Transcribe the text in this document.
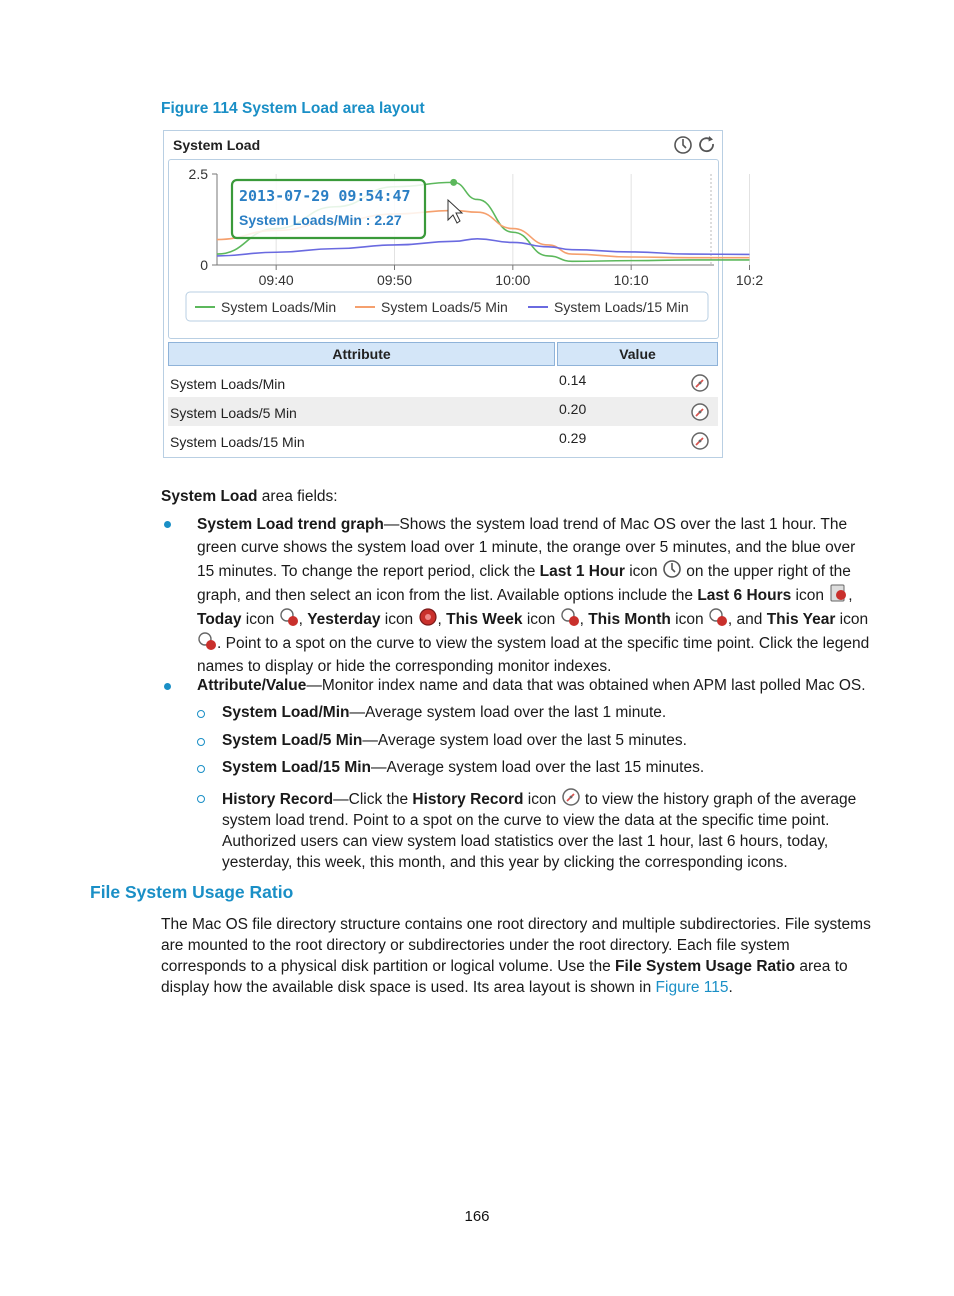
Figure 114 System Load area layout
System Load
2.5
0
09:40	09:50	10:00	10:10	10:2
2013-07-29 09:54:47
System Loads/Min : 2.27
System Loads/Min	System Loads/5 Min	System Loads/15 Min
Attribute	Value
System Loads/Min	0.14
System Loads/5 Min	0.20
System Loads/15 Min	0.29
System Load area fields:
System Load trend graph—Shows the system load trend of Mac OS over the last 1 hour. The green curve shows the system load over 1 minute, the orange over 5 minutes, and the blue over 15 minutes. To change the report period, click the Last 1 Hour icon  on the upper right of the graph, and then select an icon from the list. Available options include the Last 6 Hours icon , Today icon , Yesterday icon , This Week icon , This Month icon , and This Year icon . Point to a spot on the curve to view the system load at the specific time point. Click the legend names to display or hide the corresponding monitor indexes.
Attribute/Value—Monitor index name and data that was obtained when APM last polled Mac OS.
System Load/Min—Average system load over the last 1 minute.
System Load/5 Min—Average system load over the last 5 minutes.
System Load/15 Min—Average system load over the last 15 minutes.
History Record—Click the History Record icon  to view the history graph of the average system load trend. Point to a spot on the curve to view the data at the specific time point. Authorized users can view system load statistics over the last 1 hour, last 6 hours, today, yesterday, this week, this month, and this year by clicking the corresponding icons.
File System Usage Ratio
The Mac OS file directory structure contains one root directory and multiple subdirectories. File systems are mounted to the root directory or subdirectories under the root directory. Each file system corresponds to a physical disk partition or logical volume. Use the File System Usage Ratio area to display how the available disk space is used. Its area layout is shown in Figure 115.
166
